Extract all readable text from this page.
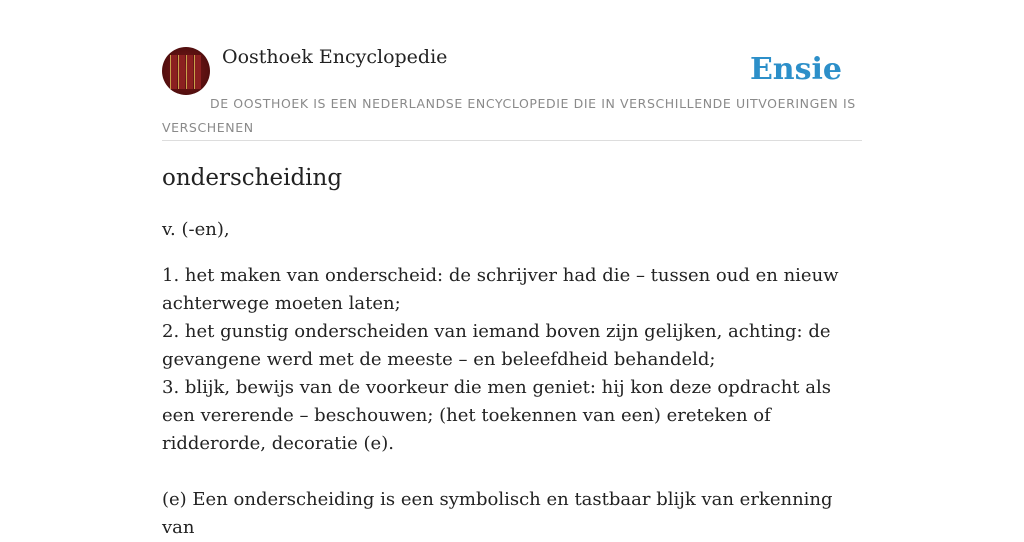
Oosthoek Encyclopedie	Ensie
DE OOSTHOEK IS EEN NEDERLANDSE ENCYCLOPEDIE DIE IN VERSCHILLENDE UITVOERINGEN IS VERSCHENEN
onderscheiding

v. (-en),

1. het maken van onderscheid: de schrijver had die – tussen oud en nieuw achterwege moeten laten;
2. het gunstig onderscheiden van iemand boven zijn gelijken, achting: de gevangene werd met de meeste – en beleefdheid behandeld;
3. blijk, bewijs van de voorkeur die men geniet: hij kon deze opdracht als een vererende – beschouwen; (het toekennen van een) ereteken of ridderorde, decoratie (e).

(e) Een onderscheiding is een symbolisch en tastbaar blijk van erkenning van
